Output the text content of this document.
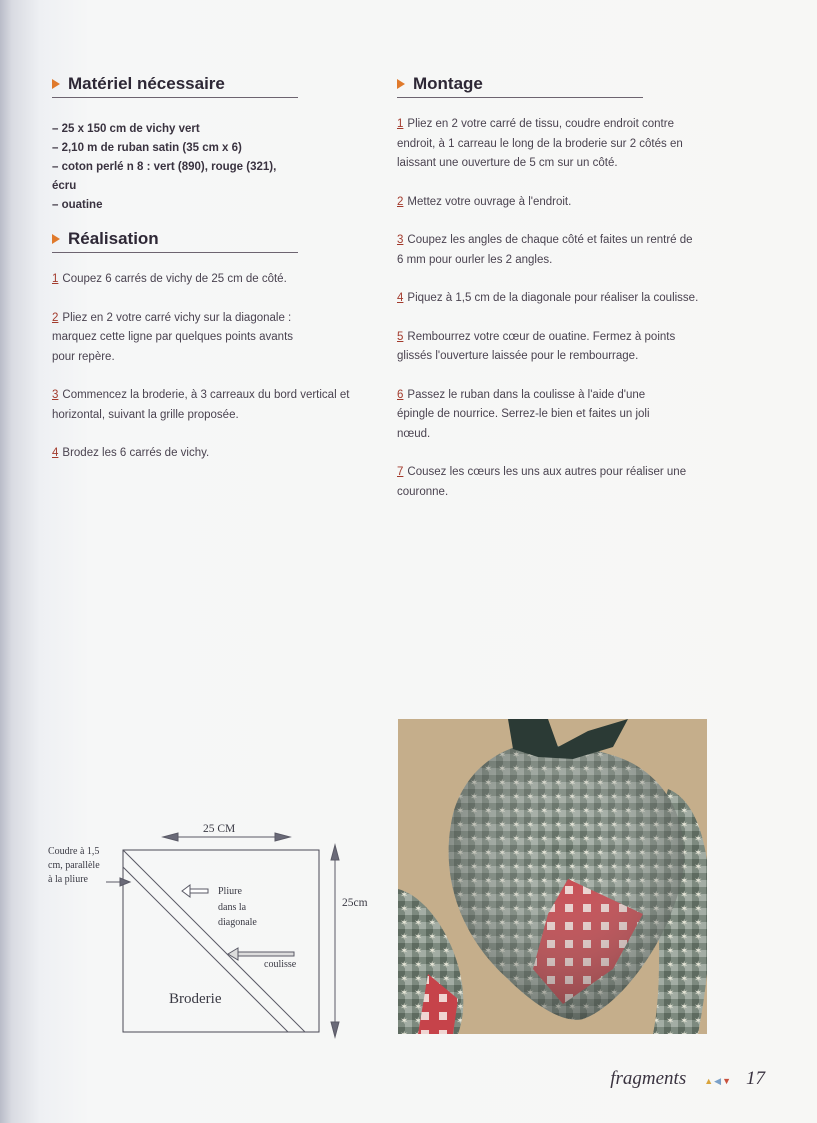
Matériel nécessaire
– 25 x 150 cm de vichy vert
– 2,10 m de ruban satin (35 cm x 6)
– coton perlé n 8 : vert (890), rouge (321), écru
– ouatine
Réalisation

1 Coupez 6 carrés de vichy de 25 cm de côté.

2 Pliez en 2 votre carré vichy sur la diagonale : marquez cette ligne par quelques points avants pour repère.

3 Commencez la broderie, à 3 carreaux du bord vertical et horizontal, suivant la grille proposée.

4 Brodez les 6 carrés de vichy.

Montage

1 Pliez en 2 votre carré de tissu, coudre endroit contre endroit, à 1 carreau le long de la broderie sur 2 côtés en laissant une ouverture de 5 cm sur un côté.

2 Mettez votre ouvrage à l'endroit.

3 Coupez les angles de chaque côté et faites un rentré de 6 mm pour ourler les 2 angles.

4 Piquez à 1,5 cm de la diagonale pour réaliser la coulisse.

5 Rembourrez votre cœur de ouatine. Fermez à points glissés l'ouverture laissée pour le rembourrage.

6 Passez le ruban dans la coulisse à l'aide d'une épingle de nourrice. Serrez-le bien et faites un joli nœud.

7 Cousez les cœurs les uns aux autres pour réaliser une couronne.

25 CM
25cm
Coudre à 1,5
cm, parallèle
à la pliure
Pliure
dans la
diagonale
coulisse
Broderie
fragments ▲◀▼ 17
